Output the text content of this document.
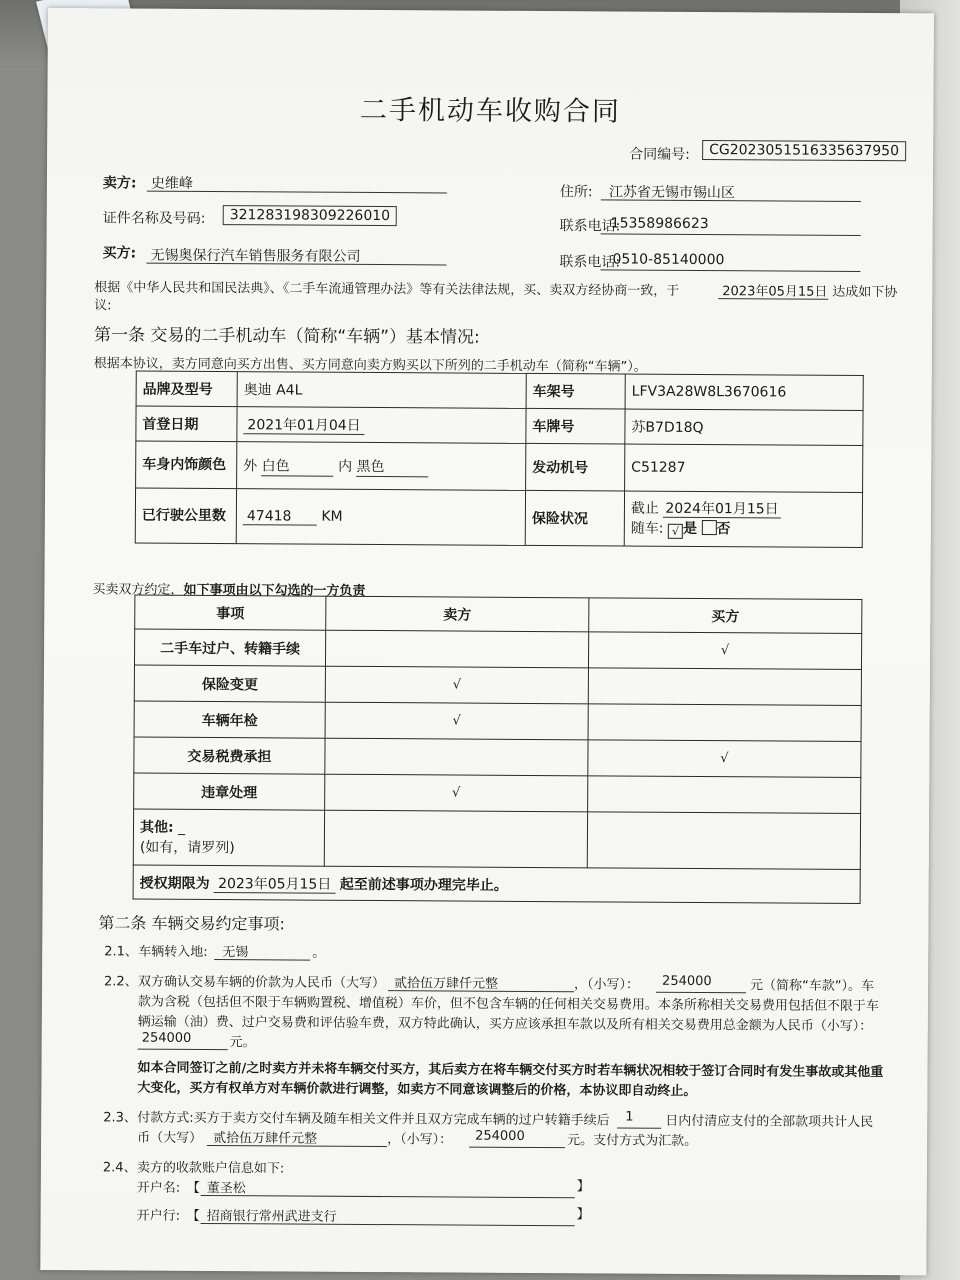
二手机动车收购合同
合同编号:	CG2023051516335637950
卖方: 史维峰
住所: 江苏省无锡市锡山区
证件名称及号码:	321283198309226010
联系电话:
15358986623
买方: 无锡奥保行汽车销售服务有限公司	联系电话:
0510-85140000
根据《中华人民共和国民法典》、《二手车流通管理办法》等有关法律法规，买、卖双方经协商一致，于	2023年05月15日 达成如下协
议:
第一条 交易的二手机动车（简称“车辆”）基本情况:
根据本协议，卖方同意向买方出售、买方同意向卖方购买以下所列的二手机动车（简称“车辆”）。
品牌及型号	奥迪 A4L	车架号	LFV3A28W8L3670616
首登日期	2021年01月04日	车牌号	苏B7D18Q
车身内饰颜色	外 白色 内 黑色	发动机号	C51287
已行驶公里数	47418 KM	保险状况	截止 2024年01月15日
随车: √ 是 否
买卖双方约定，如下事项由以下勾选的一方负责
事项	卖方	买方
二手车过户、转籍手续		√
保险变更	√	
车辆年检	√	
交易税费承担		√
违章处理	√	

其他: _
(如有，请罗列)		

授权期限为 2023年05月15日 起至前述事项办理完毕止。		
第二条 车辆交易约定事项:
2.1、 车辆转入地: 无锡	。
2.2、 双方确认交易车辆的价款为人民币（大写） 贰拾伍万肆仟元整	，（小写）： 254000	元（简称“车款”）。车
款为含税（包括但不限于车辆购置税、增值税）车价，但不包含车辆的任何相关交易费用。本条所称相关交易费用包括但不限于车
辆运输（油）费、过户交易费和评估验车费，双方特此确认，买方应该承担车款以及所有相关交易费用总金额为人民币（小写）：
254000	元。
如本合同签订之前/之时卖方并未将车辆交付买方，其后卖方在将车辆交付买方时若车辆状况相较于签订合同时有发生事故或其他重
大变化，买方有权单方对车辆价款进行调整，如卖方不同意该调整后的价格，本协议即自动终止。
2.3、 付款方式:买方于卖方交付车辆及随车相关文件并且双方完成车辆的过户转籍手续后 1 日内付清应支付的全部款项共计人民
币（大写） 贰拾伍万肆仟元整	，（小写）： 254000	元。支付方式为汇款。
2.4、 卖方的收款账户信息如下:
开户名: 【 董圣松	】
开户行: 【 招商银行常州武进支行	】
